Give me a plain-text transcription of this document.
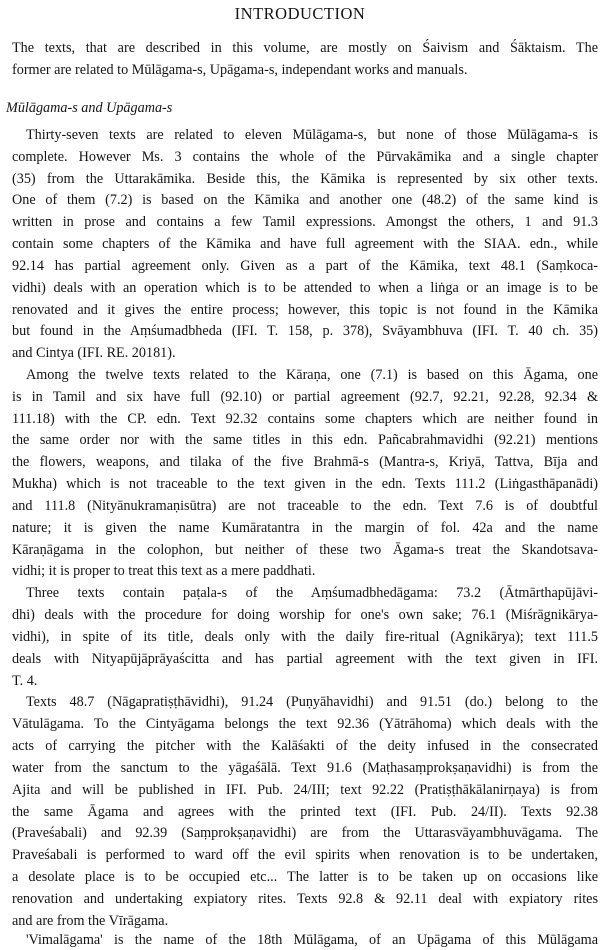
INTRODUCTION
The texts, that are described in this volume, are mostly on Śaivism and Śāktaism. The
former are related to Mūlāgama-s, Upāgama-s, independant works and manuals.
Mūlāgama-s and Upāgama-s
Thirty-seven texts are related to eleven Mūlāgama-s, but none of those Mūlāgama-s is
complete. However Ms. 3 contains the whole of the Pūrvakāmika and a single chapter
(35) from the Uttarakāmika. Beside this, the Kāmika is represented by six other texts.
One of them (7.2) is based on the Kāmika and another one (48.2) of the same kind is
written in prose and contains a few Tamil expressions. Amongst the others, 1 and 91.3
contain some chapters of the Kāmika and have full agreement with the SIAA. edn., while
92.14 has partial agreement only. Given as a part of the Kāmika, text 48.1 (Saṃkoca-
vidhi) deals with an operation which is to be attended to when a liṅga or an image is to be
renovated and it gives the entire process; however, this topic is not found in the Kāmika
but found in the Aṃśumadbheda (IFI. T. 158, p. 378), Svāyambhuva (IFI. T. 40 ch. 35)
and Cintya (IFI. RE. 20181).
Among the twelve texts related to the Kāraṇa, one (7.1) is based on this Āgama, one
is in Tamil and six have full (92.10) or partial agreement (92.7, 92.21, 92.28, 92.34 &
111.18) with the CP. edn. Text 92.32 contains some chapters which are neither found in
the same order nor with the same titles in this edn. Pañcabrahmavidhi (92.21) mentions
the flowers, weapons, and tilaka of the five Brahmā-s (Mantra-s, Kriyā, Tattva, Bīja and
Mukha) which is not traceable to the text given in the edn. Texts 111.2 (Liṅgasthāpanādi)
and 111.8 (Nityānukramaṇisūtra) are not traceable to the edn. Text 7.6 is of doubtful
nature; it is given the name Kumāratantra in the margin of fol. 42a and the name
Kāraṇāgama in the colophon, but neither of these two Āgama-s treat the Skandotsava-
vidhi; it is proper to treat this text as a mere paddhati.
Three texts contain paṭala-s of the Aṃśumadbhedāgama: 73.2 (Ātmārthapūjāvi-
dhi) deals with the procedure for doing worship for one's own sake; 76.1 (Miśrāgnikārya-
vidhi), in spite of its title, deals only with the daily fire-ritual (Agnikārya); text 111.5
deals with Nityapūjāprāyaścitta and has partial agreement with the text given in IFI.
T. 4.
Texts 48.7 (Nāgapratiṣṭhāvidhi), 91.24 (Puṇyāhavidhi) and 91.51 (do.) belong to the
Vātulāgama. To the Cintyāgama belongs the text 92.36 (Yātrāhoma) which deals with the
acts of carrying the pitcher with the Kalāśakti of the deity infused in the consecrated
water from the sanctum to the yāgaśālā. Text 91.6 (Maṭhasaṃprokṣaṇavidhi) is from the
Ajita and will be published in IFI. Pub. 24/III; text 92.22 (Pratiṣṭhākālanirṇaya) is from
the same Āgama and agrees with the printed text (IFI. Pub. 24/II). Texts 92.38
(Praveśabali) and 92.39 (Saṃprokṣaṇavidhi) are from the Uttarasvāyambhuvāgama. The
Praveśabali is performed to ward off the evil spirits when renovation is to be undertaken,
a desolate place is to be occupied etc... The latter is to be taken up on occasions like
renovation and undertaking expiatory rites. Texts 92.8 & 92.11 deal with expiatory rites
and are from the Vīrāgama.
'Vimalāgama' is the name of the 18th Mūlāgama, of an Upāgama of this Mūlāgama
